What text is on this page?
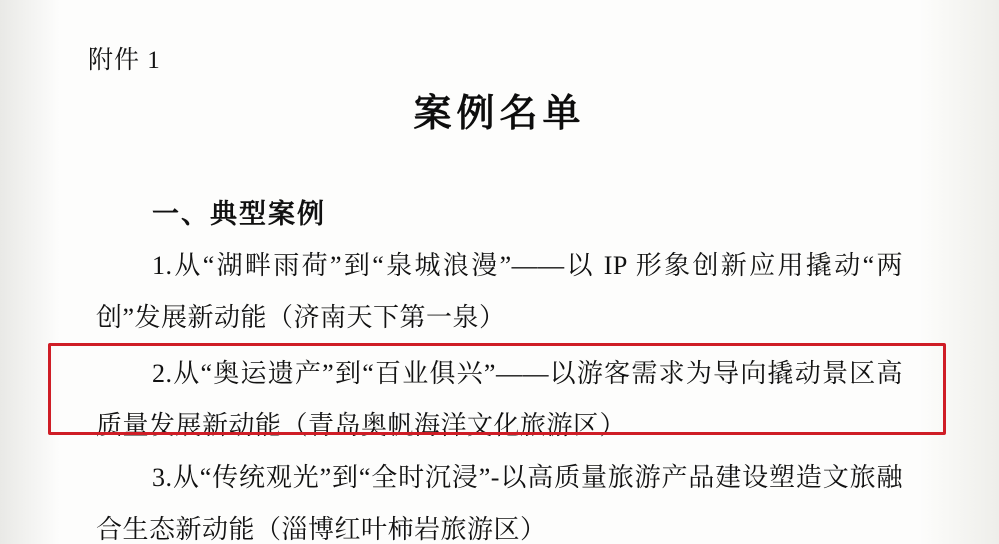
附件 1
案例名单
一、典型案例
1.从“湖畔雨荷”到“泉城浪漫”——以 IP 形象创新应用撬动“两创”发展新动能（济南天下第一泉）
2.从“奥运遗产”到“百业俱兴”——以游客需求为导向撬动景区高质量发展新动能（青岛奥帆海洋文化旅游区）
3.从“传统观光”到“全时沉浸”-以高质量旅游产品建设塑造文旅融合生态新动能（淄博红叶柿岩旅游区）
